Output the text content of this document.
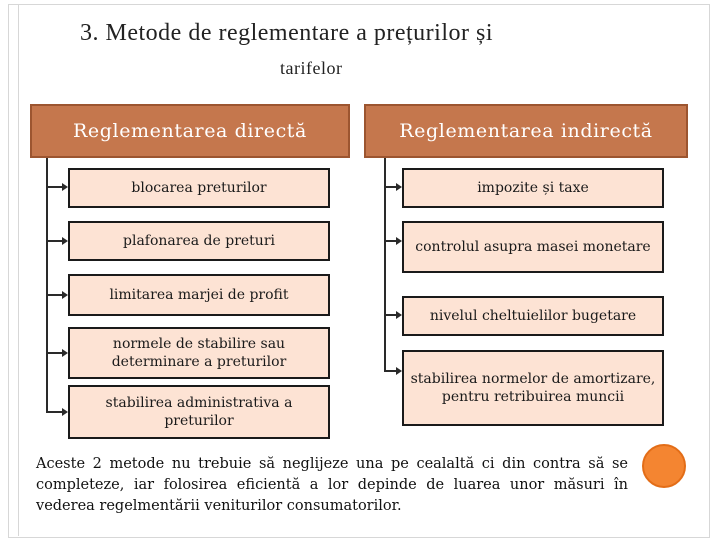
3. Metode de reglementare a prețurilor și
tarifelor
Reglementarea directă	Reglementarea indirectă
blocarea preturilor
plafonarea de preturi
limitarea marjei de profit
normele de stabilire sau determinare a preturilor
stabilirea administrativa a preturilor
impozite și taxe
controlul asupra masei monetare
nivelul cheltuielilor bugetare
stabilirea normelor de amortizare, pentru retribuirea muncii
Aceste 2 metode nu trebuie să neglijeze una pe cealaltă ci din contra să se completeze, iar folosirea eficientă a lor depinde de luarea unor măsuri în vederea regelmentării veniturilor consumatorilor.
